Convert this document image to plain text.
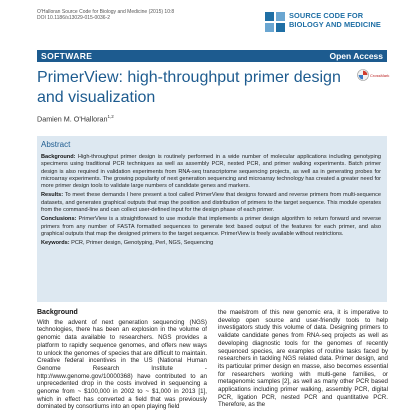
O'Halloran Source Code for Biology and Medicine (2015) 10:8
DOI 10.1186/s13029-015-0036-2	SOURCE CODE FOR
BIOLOGY AND MEDICINE
SOFTWARE	Open Access
PrimerView: high-throughput primer design and visualization
CrossMark
Damien M. O'Halloran$^{1,2}$
Abstract

Background: High-throughput primer design is routinely performed in a wide number of molecular applications including genotyping specimens using traditional PCR techniques as well as assembly PCR, nested PCR, and primer walking experiments. Batch primer design is also required in validation experiments from RNA-seq transcriptome sequencing projects, as well as in generating probes for microarray experiments. The growing popularity of next generation sequencing and microarray technology has created a greater need for more primer design tools to validate large numbers of candidate genes and markers.

Results: To meet these demands I here present a tool called PrimerView that designs forward and reverse primers from multi-sequence datasets, and generates graphical outputs that map the position and distribution of primers to the target sequence. This module operates from the command-line and can collect user-defined input for the design phase of each primer.

Conclusions: PrimerView is a straightforward to use module that implements a primer design algorithm to return forward and reverse primers from any number of FASTA formatted sequences to generate text based output of the features for each primer, and also graphical outputs that map the designed primers to the target sequence. PrimerView is freely available without restrictions.

Keywords: PCR, Primer design, Genotyping, Perl, NGS, Sequencing

Background

With the advent of next generation sequencing (NGS) technologies, there has been an explosion in the volume of genomic data available to researchers. NGS provides a platform to rapidly sequence genomes, and offers new ways to unlock the genomes of species that are difficult to maintain. Creative federal incentives in the US (National Human Genome Research Institute - http://www.genome.gov/10000368) have contributed to an unprecedented drop in the costs involved in sequencing a genome from ~ $100,000 in 2002 to ~ $1,000 in 2013 [1], which in effect has converted a field that was previously dominated by consortiums into an open playing field

the maelstrom of this new genomic era, it is imperative to develop open source and user-friendly tools to help investigators study this volume of data. Designing primers to validate candidate genes from RNA-seq projects as well as developing diagnostic tools for the genomes of recently sequenced species, are examples of routine tasks faced by researchers in tackling NGS related data. Primer design, and its particular primer design en masse, also becomes essential for researchers working with multi-gene families, or metagenomic samples [2], as well as many other PCR based applications including primer walking, assembly PCR, digital PCR, ligation PCR, nested PCR and quantitative PCR. Therefore, as the
